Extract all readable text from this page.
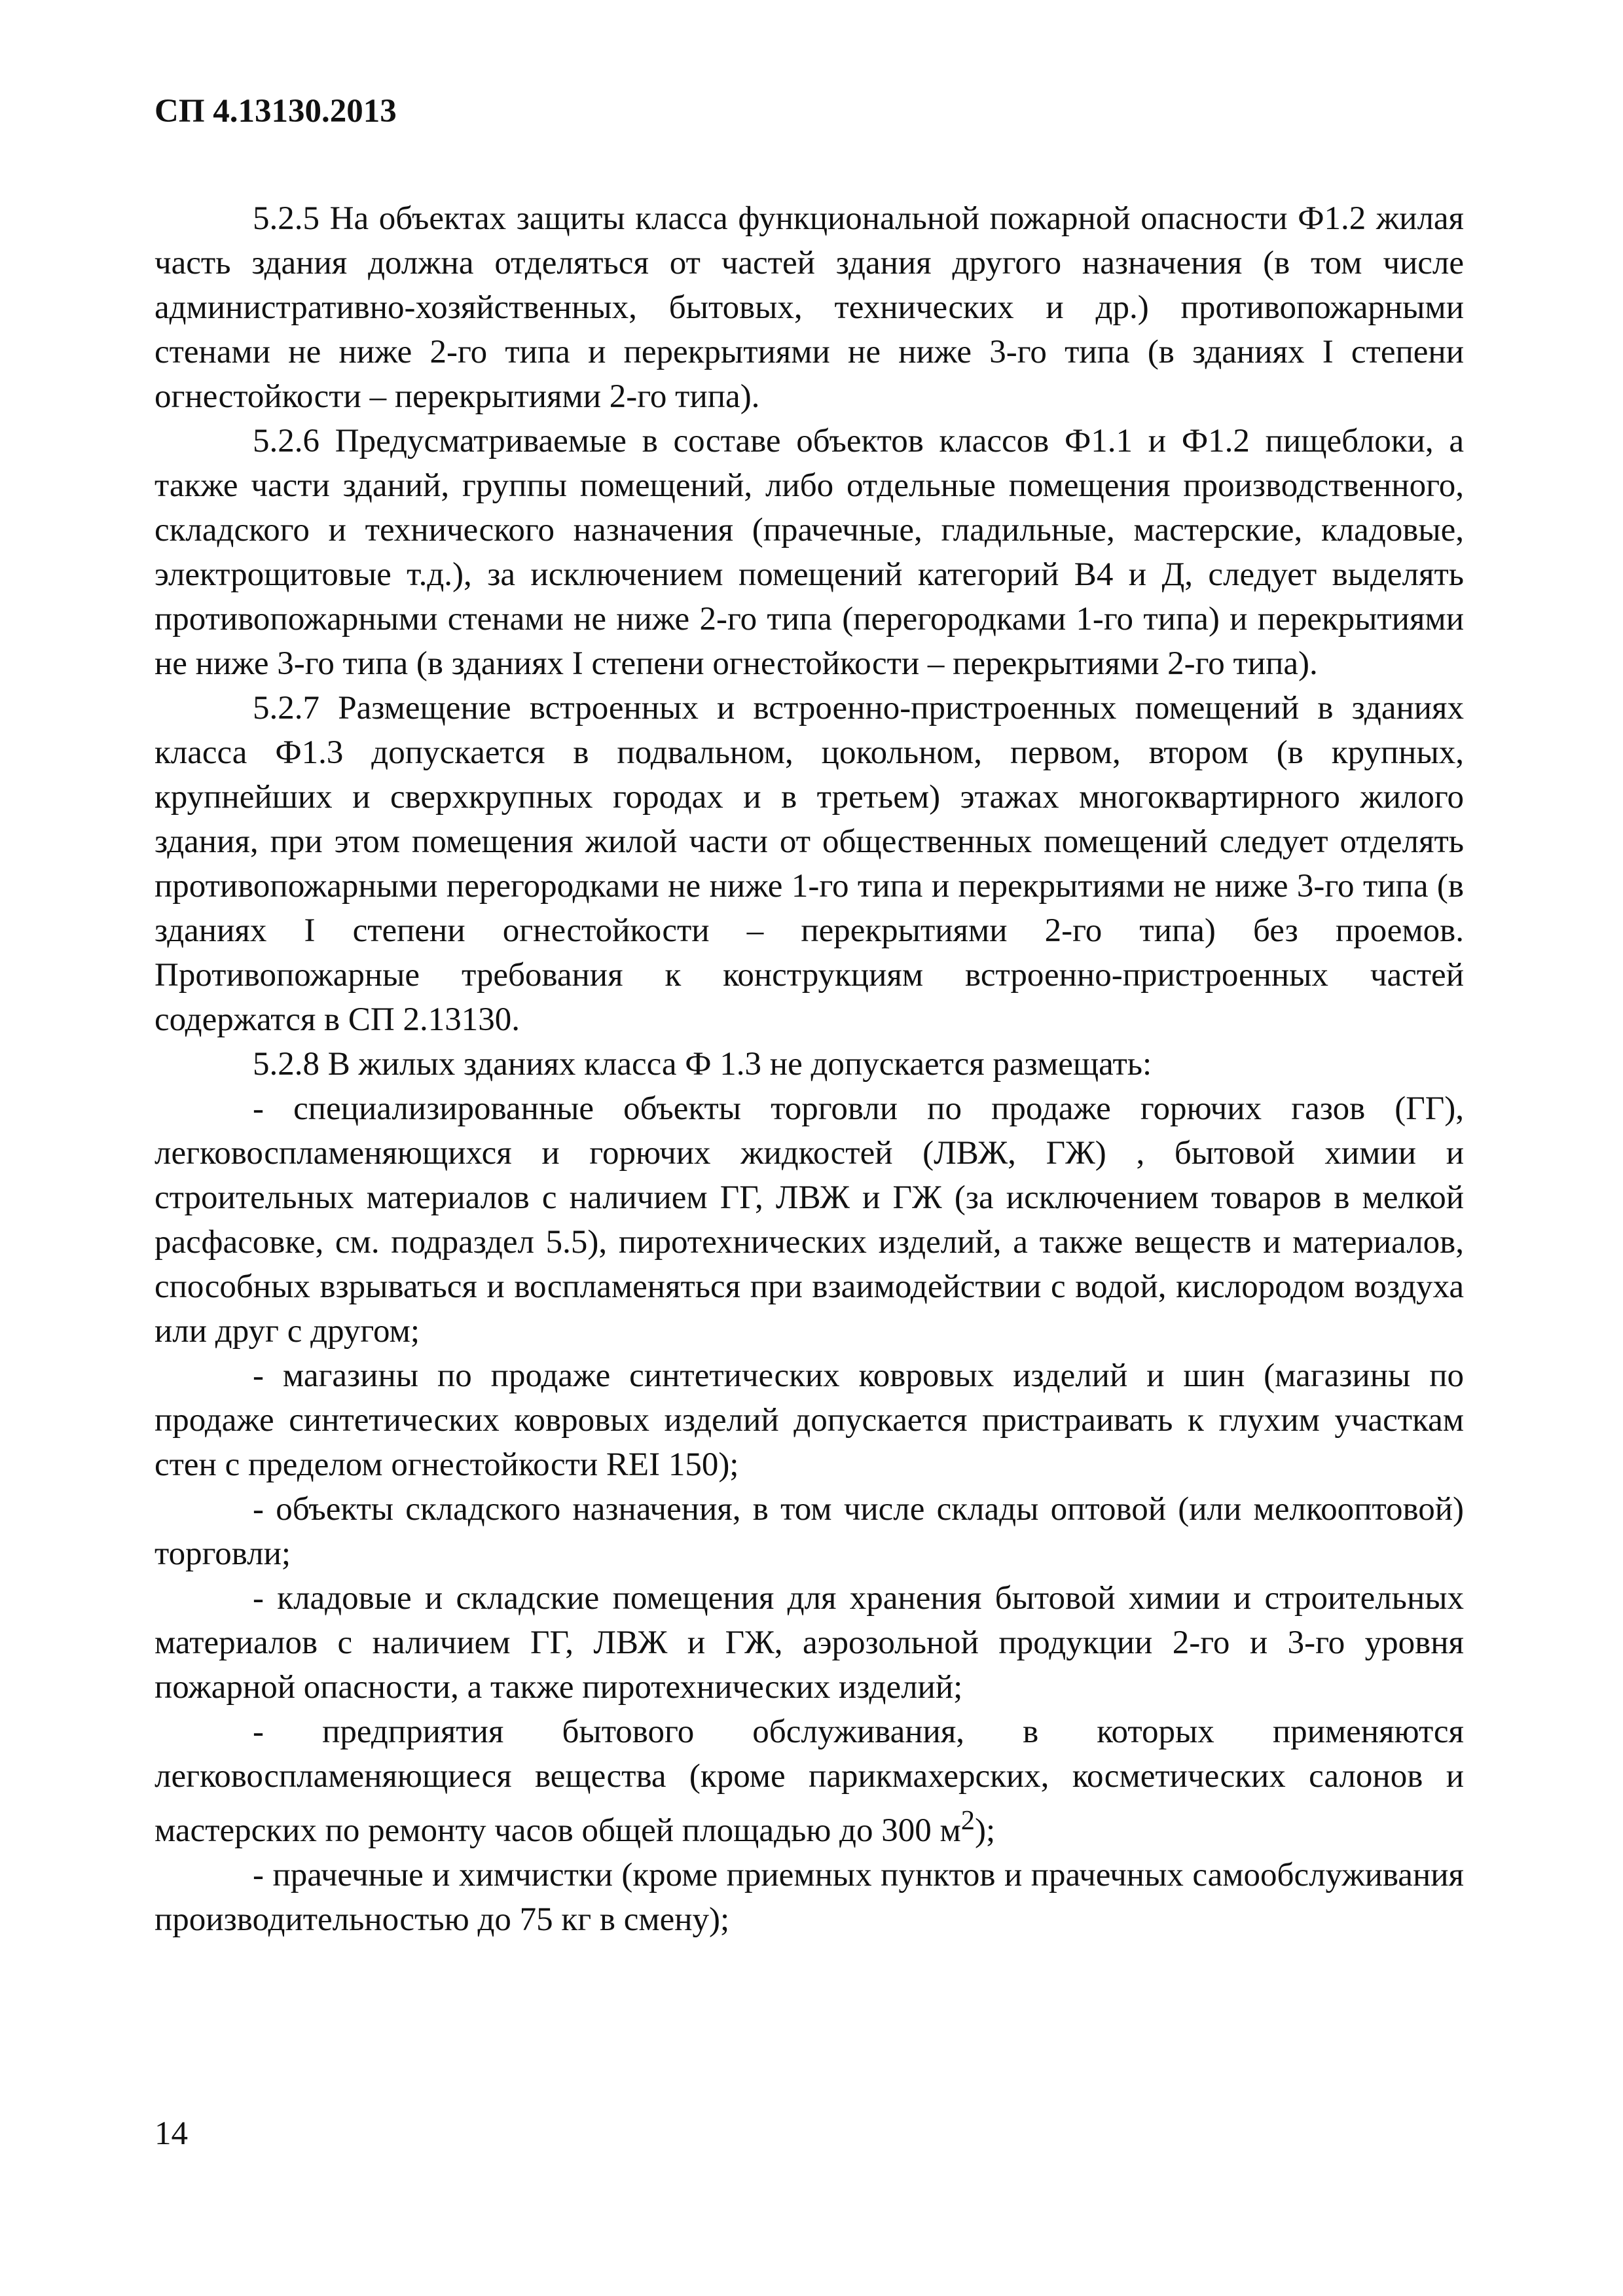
СП 4.13130.2013

5.2.5 На объектах защиты класса функциональной пожарной опасности Ф1.2 жилая часть здания должна отделяться от частей здания другого назначения (в том числе административно-хозяйственных, бытовых, технических и др.) противопожарными стенами не ниже 2-го типа и перекрытиями не ниже 3-го типа (в зданиях I степени огнестойкости – перекрытиями 2-го типа).

5.2.6 Предусматриваемые в составе объектов классов Ф1.1 и Ф1.2 пищеблоки, а также части зданий, группы помещений, либо отдельные помещения производственного, складского и технического назначения (прачечные, гладильные, мастерские, кладовые, электрощитовые т.д.), за исключением помещений категорий В4 и Д, следует выделять противопожарными стенами не ниже 2-го типа (перегородками 1-го типа) и перекрытиями не ниже 3-го типа (в зданиях I степени огнестойкости – перекрытиями 2-го типа).

5.2.7 Размещение встроенных и встроенно-пристроенных помещений в зданиях класса Ф1.3 допускается в подвальном, цокольном, первом, втором (в крупных, крупнейших и сверхкрупных городах и в третьем) этажах многоквартирного жилого здания, при этом помещения жилой части от общественных помещений следует отделять противопожарными перегородками не ниже 1-го типа и перекрытиями не ниже 3-го типа (в зданиях I степени огнестойкости – перекрытиями 2-го типа) без проемов. Противопожарные требования к конструкциям встроенно-пристроенных частей содержатся в СП 2.13130.

5.2.8 В жилых зданиях класса Ф 1.3 не допускается размещать:

- специализированные объекты торговли по продаже горючих газов (ГГ), легковоспламеняющихся и горючих жидкостей (ЛВЖ, ГЖ) , бытовой химии и строительных материалов с наличием ГГ, ЛВЖ и ГЖ (за исключением товаров в мелкой расфасовке, см. подраздел 5.5), пиротехнических изделий, а также веществ и материалов, способных взрываться и воспламеняться при взаимодействии с водой, кислородом воздуха или друг с другом;

- магазины по продаже синтетических ковровых изделий и шин (магазины по продаже синтетических ковровых изделий допускается пристраивать к глухим участкам стен с пределом огнестойкости REI 150);

- объекты складского назначения, в том числе склады оптовой (или мелкооптовой) торговли;

- кладовые и складские помещения для хранения бытовой химии и строительных материалов с наличием ГГ, ЛВЖ и ГЖ, аэрозольной продукции 2-го и 3-го уровня пожарной опасности, а также пиротехнических изделий;

- предприятия бытового обслуживания, в которых применяются легковоспламеняющиеся вещества (кроме парикмахерских, косметических салонов и мастерских по ремонту часов общей площадью до 300 $м^2$);

- прачечные и химчистки (кроме приемных пунктов и прачечных самообслуживания производительностью до 75 кг в смену);

14
